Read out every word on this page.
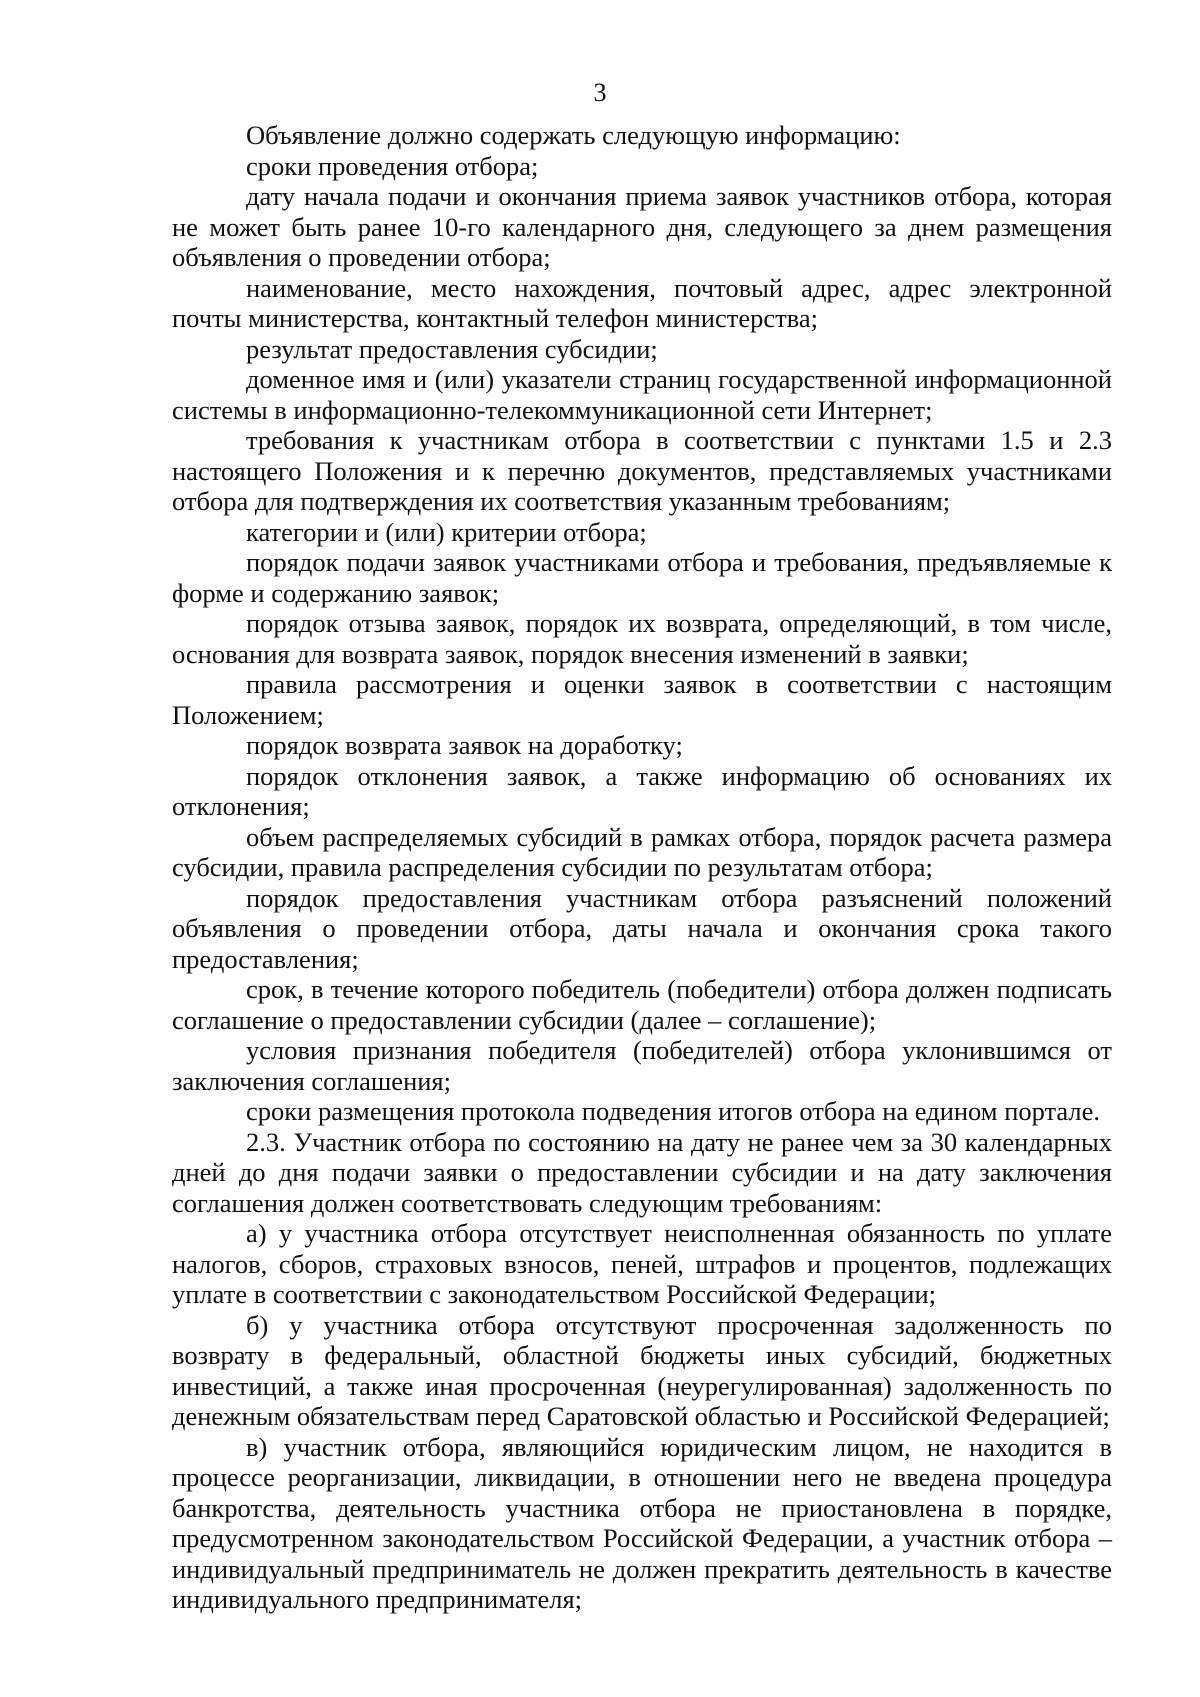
3

Объявление должно содержать следующую информацию:

сроки проведения отбора;

дату начала подачи и окончания приема заявок участников отбора, которая не может быть ранее 10-го календарного дня, следующего за днем размещения объявления о проведении отбора;

наименование, место нахождения, почтовый адрес, адрес электронной почты министерства, контактный телефон министерства;

результат предоставления субсидии;

доменное имя и (или) указатели страниц государственной информационной системы в информационно-телекоммуникационной сети Интернет;

требования к участникам отбора в соответствии с пунктами 1.5 и 2.3 настоящего Положения и к перечню документов, представляемых участниками отбора для подтверждения их соответствия указанным требованиям;

категории и (или) критерии отбора;

порядок подачи заявок участниками отбора и требования, предъявляемые к форме и содержанию заявок;

порядок отзыва заявок, порядок их возврата, определяющий, в том числе, основания для возврата заявок, порядок внесения изменений в заявки;

правила рассмотрения и оценки заявок в соответствии с настоящим Положением;

порядок возврата заявок на доработку;

порядок отклонения заявок, а также информацию об основаниях их отклонения;

объем распределяемых субсидий в рамках отбора, порядок расчета размера субсидии, правила распределения субсидии по результатам отбора;

порядок предоставления участникам отбора разъяснений положений объявления о проведении отбора, даты начала и окончания срока такого предоставления;

срок, в течение которого победитель (победители) отбора должен подписать соглашение о предоставлении субсидии (далее – соглашение);

условия признания победителя (победителей) отбора уклонившимся от заключения соглашения;

сроки размещения протокола подведения итогов отбора на едином портале.

2.3. Участник отбора по состоянию на дату не ранее чем за 30 календарных дней до дня подачи заявки о предоставлении субсидии и на дату заключения соглашения должен соответствовать следующим требованиям:

а) у участника отбора отсутствует неисполненная обязанность по уплате налогов, сборов, страховых взносов, пеней, штрафов и процентов, подлежащих уплате в соответствии с законодательством Российской Федерации;

б) у участника отбора отсутствуют просроченная задолженность по возврату в федеральный, областной бюджеты иных субсидий, бюджетных инвестиций, а также иная просроченная (неурегулированная) задолженность по денежным обязательствам перед Саратовской областью и Российской Федерацией;

в) участник отбора, являющийся юридическим лицом, не находится в процессе реорганизации, ликвидации, в отношении него не введена процедура банкротства, деятельность участника отбора не приостановлена в порядке, предусмотренном законодательством Российской Федерации, а участник отбора – индивидуальный предприниматель не должен прекратить деятельность в качестве индивидуального предпринимателя;
